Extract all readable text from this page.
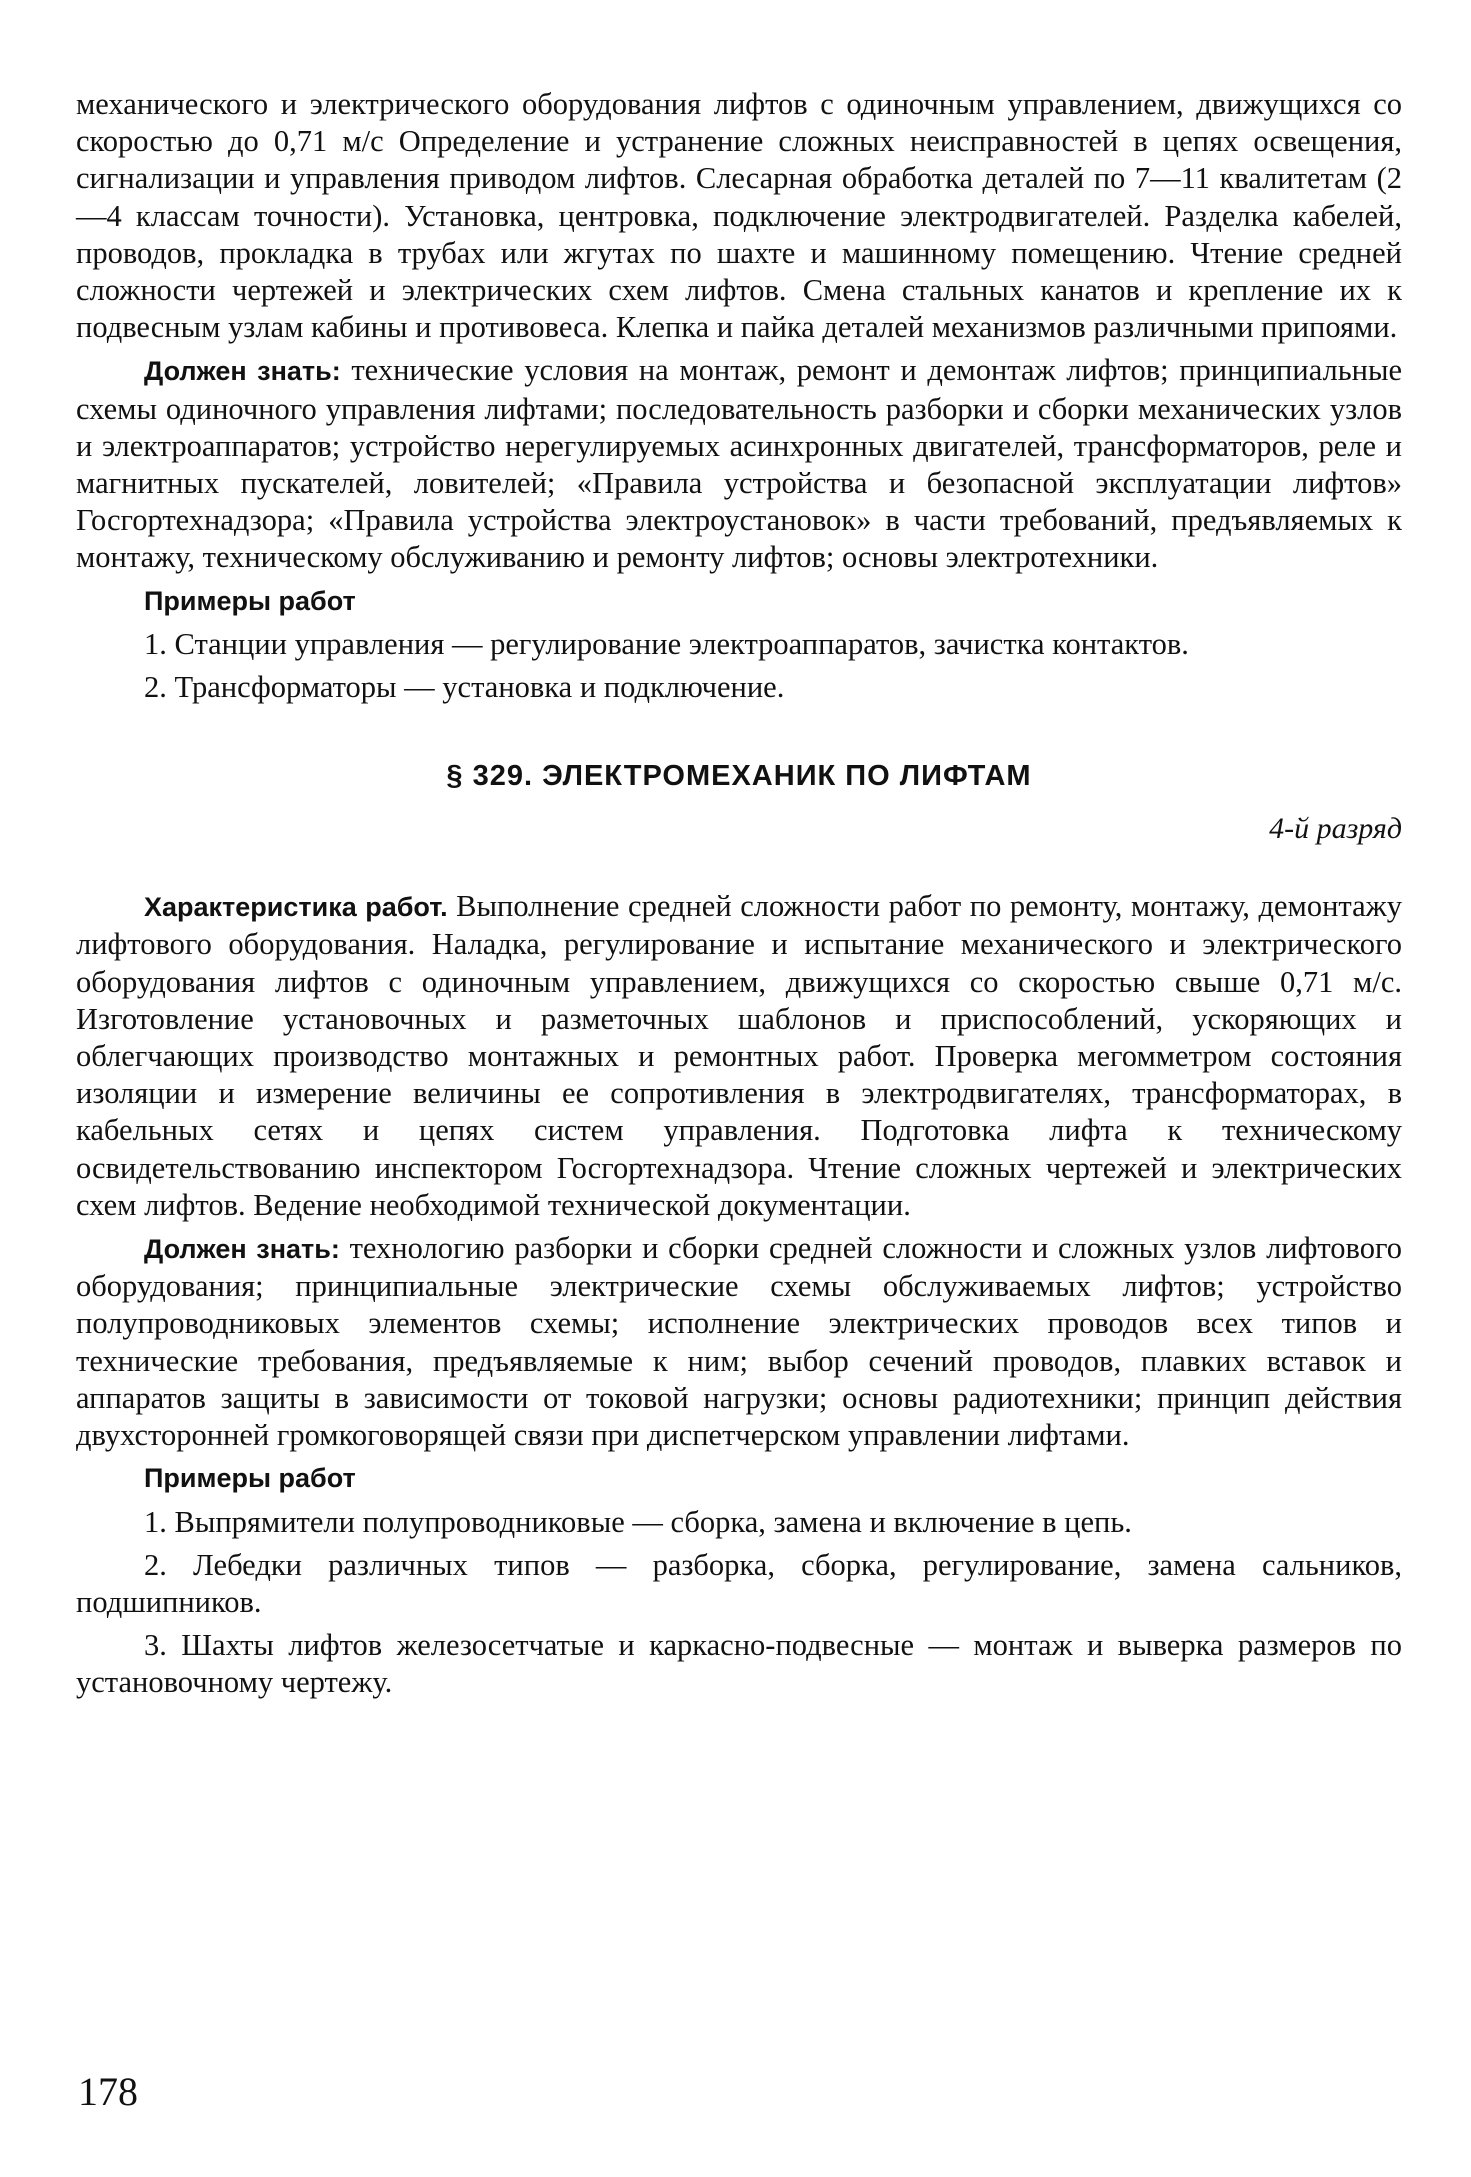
механического и электрического оборудования лифтов с одиночным управлением, движущихся со скоростью до 0,71 м/с Определение и устранение сложных неисправностей в цепях освещения, сигнализации и управления приводом лифтов. Слесарная обработка деталей по 7—11 квалитетам (2—4 классам точности). Установка, центровка, подключение электродвигателей. Разделка кабелей, проводов, прокладка в трубах или жгутах по шахте и машинному помещению. Чтение средней сложности чертежей и электрических схем лифтов. Смена стальных канатов и крепление их к подвесным узлам кабины и противовеса. Клепка и пайка деталей механизмов различными припоями.

Должен знать: технические условия на монтаж, ремонт и демонтаж лифтов; принципиальные схемы одиночного управления лифтами; последовательность разборки и сборки механических узлов и электроаппаратов; устройство нерегулируемых асинхронных двигателей, трансформаторов, реле и магнитных пускателей, ловителей; «Правила устройства и безопасной эксплуатации лифтов» Госгортехнадзора; «Правила устройства электроустановок» в части требований, предъявляемых к монтажу, техническому обслуживанию и ремонту лифтов; основы электротехники.

Примеры работ

1. Станции управления — регулирование электроаппаратов, зачистка контактов.

2. Трансформаторы — установка и подключение.

§ 329. ЭЛЕКТРОМЕХАНИК ПО ЛИФТАМ

4-й разряд

Характеристика работ. Выполнение средней сложности работ по ремонту, монтажу, демонтажу лифтового оборудования. Наладка, регулирование и испытание механического и электрического оборудования лифтов с одиночным управлением, движущихся со скоростью свыше 0,71 м/с. Изготовление установочных и разметочных шаблонов и приспособлений, ускоряющих и облегчающих производство монтажных и ремонтных работ. Проверка мегомметром состояния изоляции и измерение величины ее сопротивления в электродвигателях, трансформаторах, в кабельных сетях и цепях систем управления. Подготовка лифта к техническому освидетельствованию инспектором Госгортехнадзора. Чтение сложных чертежей и электрических схем лифтов. Ведение необходимой технической документации.

Должен знать: технологию разборки и сборки средней сложности и сложных узлов лифтового оборудования; принципиальные электрические схемы обслуживаемых лифтов; устройство полупроводниковых элементов схемы; исполнение электрических проводов всех типов и технические требования, предъявляемые к ним; выбор сечений проводов, плавких вставок и аппаратов защиты в зависимости от токовой нагрузки; основы радиотехники; принцип действия двухсторонней громкоговорящей связи при диспетчерском управлении лифтами.

Примеры работ

1. Выпрямители полупроводниковые — сборка, замена и включение в цепь.

2. Лебедки различных типов — разборка, сборка, регулирование, замена сальников, подшипников.

3. Шахты лифтов железосетчатые и каркасно-подвесные — монтаж и выверка размеров по установочному чертежу.

178
